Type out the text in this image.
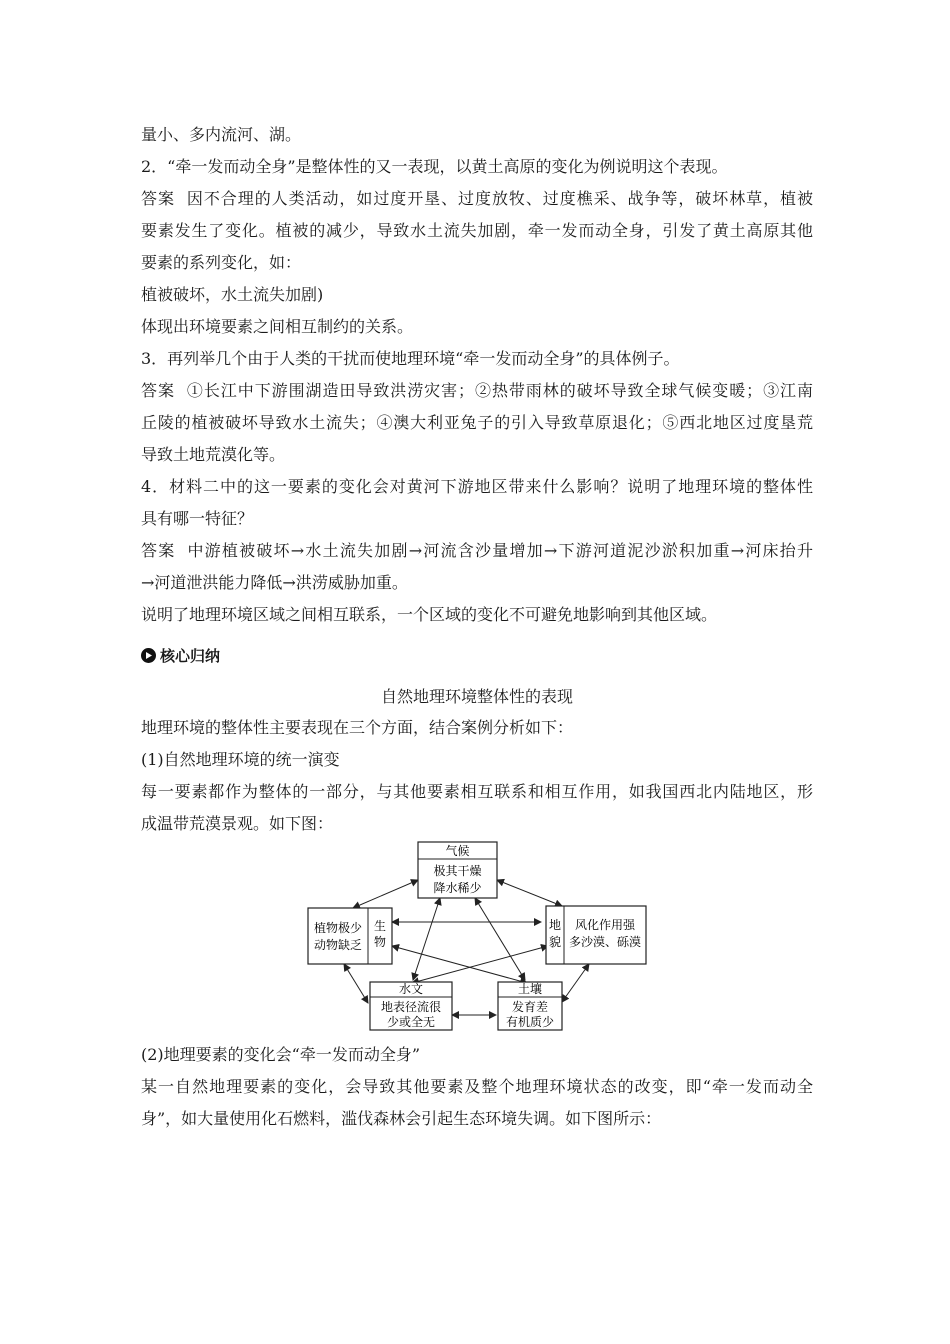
量小、多内流河、湖。
2．“牵一发而动全身”是整体性的又一表现，以黄土高原的变化为例说明这个表现。
答案 因不合理的人类活动，如过度开垦、过度放牧、过度樵采、战争等，破坏林草，植被
要素发生了变化。植被的减少，导致水土流失加剧，牵一发而动全身，引发了黄土高原其他
要素的系列变化，如：
植被破坏，水土流失加剧)
体现出环境要素之间相互制约的关系。
3．再列举几个由于人类的干扰而使地理环境“牵一发而动全身”的具体例子。
答案 ①长江中下游围湖造田导致洪涝灾害；②热带雨林的破坏导致全球气候变暖；③江南
丘陵的植被破坏导致水土流失；④澳大利亚兔子的引入导致草原退化；⑤西北地区过度垦荒
导致土地荒漠化等。
4．材料二中的这一要素的变化会对黄河下游地区带来什么影响？说明了地理环境的整体性
具有哪一特征？
答案 中游植被破坏→水土流失加剧→河流含沙量增加→下游河道泥沙淤积加重→河床抬升
→河道泄洪能力降低→洪涝威胁加重。
说明了地理环境区域之间相互联系，一个区域的变化不可避免地影响到其他区域。
核心归纳
自然地理环境整体性的表现
地理环境的整体性主要表现在三个方面，结合案例分析如下：
(1)自然地理环境的统一演变
每一要素都作为整体的一部分，与其他要素相互联系和相互作用，如我国西北内陆地区，形
成温带荒漠景观。如下图：
气候
极其干燥
降水稀少
植物极少
动物缺乏
生
物
地
貌
风化作用强
多沙漠、砾漠
水文
地表径流很
少或全无
土壤
发育差
有机质少
(2)地理要素的变化会“牵一发而动全身”
某一自然地理要素的变化，会导致其他要素及整个地理环境状态的改变，即“牵一发而动全
身”，如大量使用化石燃料，滥伐森林会引起生态环境失调。如下图所示：
